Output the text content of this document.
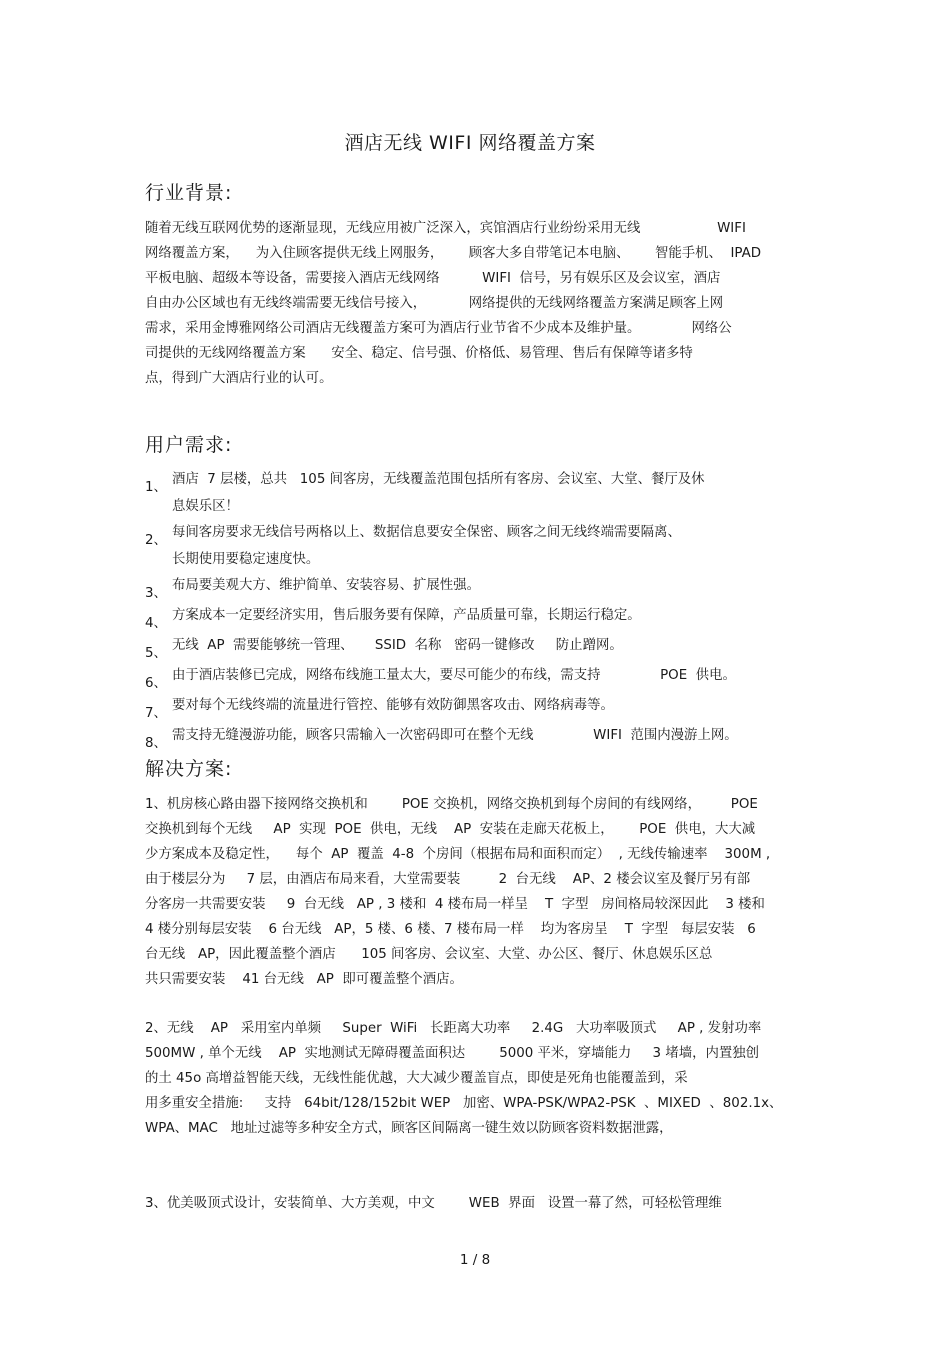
酒店无线 WIFI 网络覆盖方案
行业背景:
随着无线互联网优势的逐渐显现，无线应用被广泛深入，宾馆酒店行业纷纷采用无线                  WIFI
网络覆盖方案，    为入住顾客提供无线上网服务，      顾客大多自带笔记本电脑、      智能手机、  IPAD
平板电脑、超级本等设备，需要接入酒店无线网络          WIFI  信号，另有娱乐区及会议室，酒店
自由办公区域也有无线终端需要无线信号接入，          网络提供的无线网络覆盖方案满足顾客上网
需求，采用金博雅网络公司酒店无线覆盖方案可为酒店行业节省不少成本及维护量。            网络公
司提供的无线网络覆盖方案      安全、稳定、信号强、价格低、易管理、售后有保障等诸多特
点，得到广大酒店行业的认可。
用户需求:
1、酒店  7 层楼，总共   105 间客房，无线覆盖范围包括所有客房、会议室、大堂、餐厅及休
息娱乐区！
2、每间客房要求无线信号两格以上、数据信息要安全保密、顾客之间无线终端需要隔离、
长期使用要稳定速度快。
3、布局要美观大方、维护简单、安装容易、扩展性强。
4、方案成本一定要经济实用，售后服务要有保障，产品质量可靠，长期运行稳定。
5、无线  AP  需要能够统一管理、     SSID  名称   密码一键修改     防止蹭网。
6、由于酒店装修已完成，网络布线施工量太大，要尽可能少的布线，需支持              POE  供电。
7、要对每个无线终端的流量进行管控、能够有效防御黑客攻击、网络病毒等。
8、需支持无缝漫游功能，顾客只需输入一次密码即可在整个无线              WIFI  范围内漫游上网。
解决方案:
1、机房核心路由器下接网络交换机和        POE 交换机，网络交换机到每个房间的有线网络，       POE
交换机到每个无线     AP  实现  POE  供电，无线    AP  安装在走廊天花板上，      POE  供电，大大减
少方案成本及稳定性，    每个  AP  覆盖  4-8  个房间（根据布局和面积而定）  , 无线传输速率    300M ,
由于楼层分为     7 层，由酒店布局来看，大堂需要装         2  台无线    AP、2 楼会议室及餐厅另有部
分客房一共需要安装     9  台无线   AP , 3 楼和  4 楼布局一样呈    T  字型   房间格局较深因此    3 楼和
4 楼分别每层安装    6 台无线   AP，5 楼、6 楼、7 楼布局一样    均为客房呈    T  字型   每层安装   6
台无线   AP，因此覆盖整个酒店      105 间客房、会议室、大堂、办公区、餐厅、休息娱乐区总
共只需要安装    41 台无线   AP  即可覆盖整个酒店。
2、无线    AP   采用室内单频     Super  WiFi   长距离大功率     2.4G   大功率吸顶式     AP , 发射功率
500MW , 单个无线    AP  实地测试无障碍覆盖面积达        5000 平米，穿墙能力     3 堵墙，内置独创
的土 45o 高增益智能天线，无线性能优越，大大减少覆盖盲点，即使是死角也能覆盖到，采
用多重安全措施:     支持   64bit/128/152bit WEP   加密、WPA-PSK/WPA2-PSK  、MIXED  、802.1x、
WPA、MAC   地址过滤等多种安全方式，顾客区间隔离一键生效以防顾客资料数据泄露，
3、优美吸顶式设计，安装简单、大方美观，中文        WEB  界面   设置一幕了然，可轻松管理维
1 / 8
